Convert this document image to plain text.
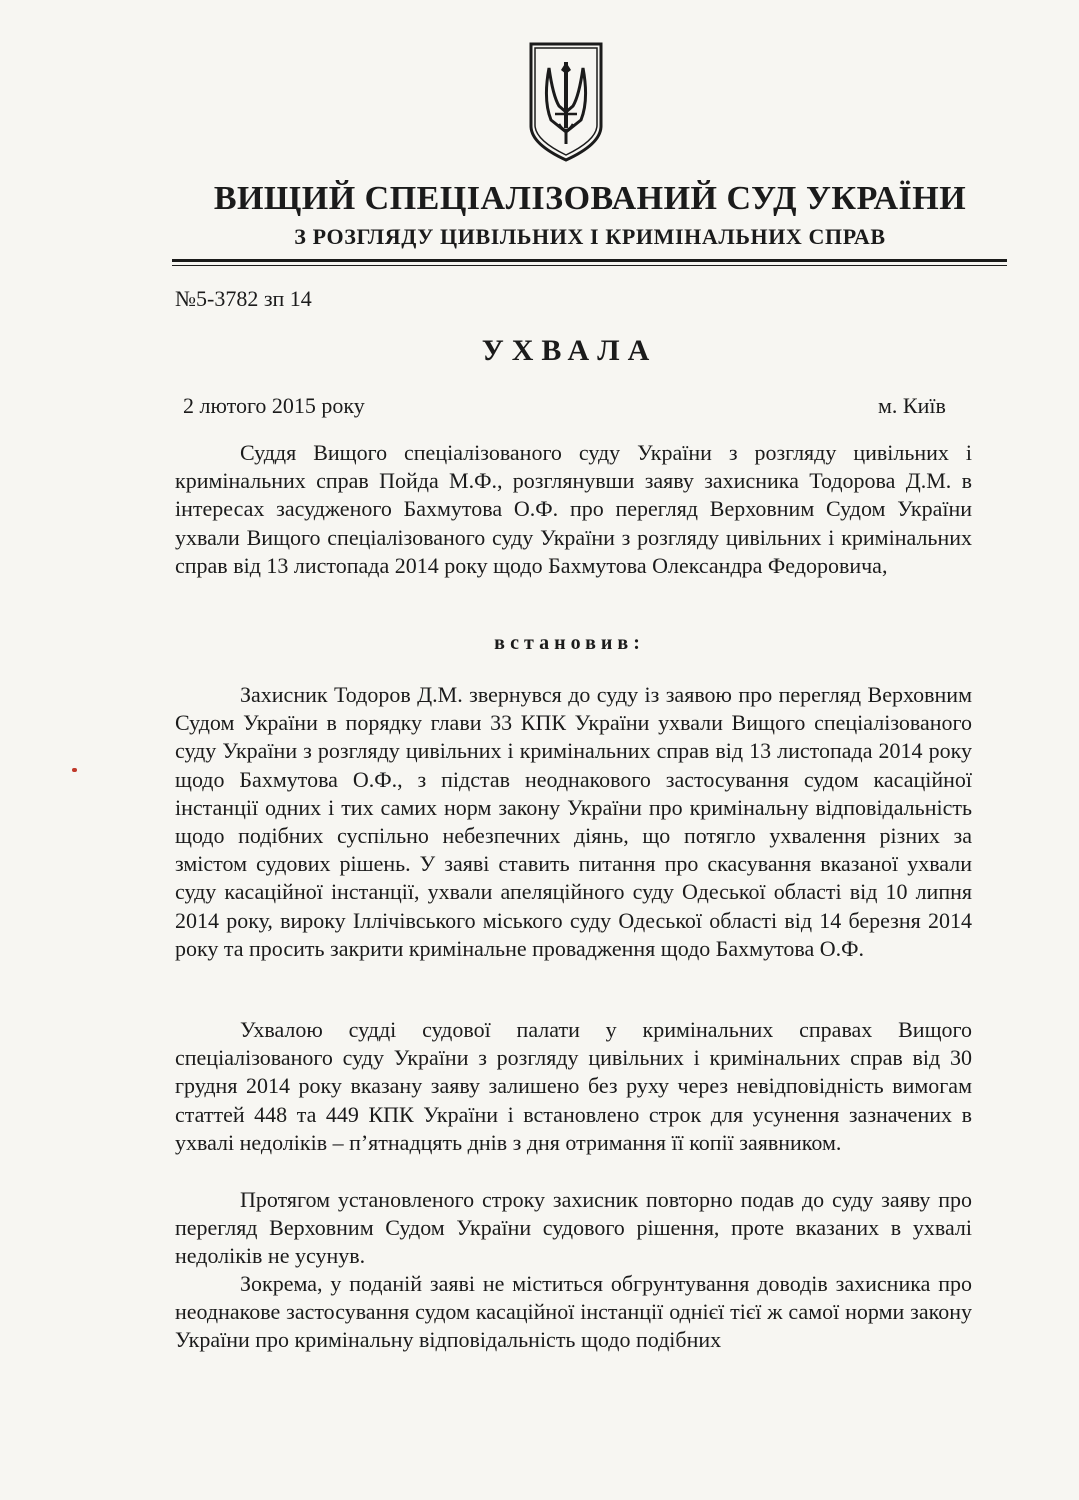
ВИЩИЙ СПЕЦІАЛІЗОВАНИЙ СУД УКРАЇНИ
З РОЗГЛЯДУ ЦИВІЛЬНИХ І КРИМІНАЛЬНИХ СПРАВ
№5-3782 зп 14
УХВАЛА
2 лютого 2015 року	м. Київ
Суддя Вищого спеціалізованого суду України з розгляду цивільних і кримінальних справ Пойда М.Ф., розглянувши заяву захисника Тодорова Д.М. в інтересах засудженого Бахмутова О.Ф. про перегляд Верховним Судом України ухвали Вищого спеціалізованого суду України з розгляду цивільних і кримінальних справ від 13 листопада 2014 року щодо Бахмутова Олександра Федоровича,
встановив:
Захисник Тодоров Д.М. звернувся до суду із заявою про перегляд Верховним Судом України в порядку глави 33 КПК України ухвали Вищого спеціалізованого суду України з розгляду цивільних і кримінальних справ від 13 листопада 2014 року щодо Бахмутова О.Ф., з підстав неоднакового застосування судом касаційної інстанції одних і тих самих норм закону України про кримінальну відповідальність щодо подібних суспільно небезпечних діянь, що потягло ухвалення різних за змістом судових рішень. У заяві ставить питання про скасування вказаної ухвали суду касаційної інстанції, ухвали апеляційного суду Одеської області від 10 липня 2014 року, вироку Іллічівського міського суду Одеської області від 14 березня 2014 року та просить закрити кримінальне провадження щодо Бахмутова О.Ф.
Ухвалою судді судової палати у кримінальних справах Вищого спеціалізованого суду України з розгляду цивільних і кримінальних справ від 30 грудня 2014 року вказану заяву залишено без руху через невідповідність вимогам статтей 448 та 449 КПК України і встановлено строк для усунення зазначених в ухвалі недоліків – п’ятнадцять днів з дня отримання її копії заявником.
Протягом установленого строку захисник повторно подав до суду заяву про перегляд Верховним Судом України судового рішення, проте вказаних в ухвалі недоліків не усунув.
Зокрема, у поданій заяві не міститься обгрунтування доводів захисника про неоднакове застосування судом касаційної інстанції однієї тієї ж самої норми закону України про кримінальну відповідальність щодо подібних
